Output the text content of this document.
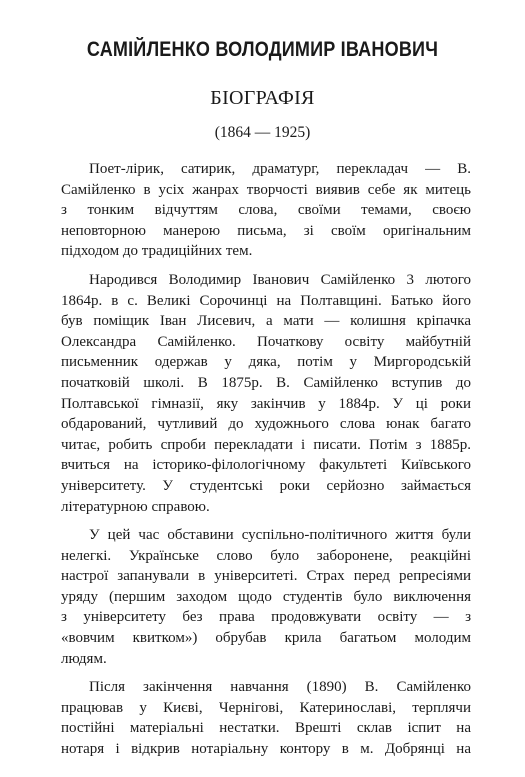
САМІЙЛЕНКО ВОЛОДИМИР ІВАНОВИЧ
БІОГРАФІЯ
(1864 — 1925)
Поет-лірик, сатирик, драматург, перекладач — В.
Самійленко в усіх жанрах творчості виявив себе як митець
з тонким відчуттям слова, своїми темами, своєю
неповторною манерою письма, зі своїм оригінальним
підходом до традиційних тем.
Народився Володимир Іванович Самійленко 3 лютого
1864р. в с. Великі Сорочинці на Полтавщині. Батько його
був поміщик Іван Лисевич, а мати — колишня кріпачка
Олександра Самійленко. Початкову освіту майбутній
письменник одержав у дяка, потім у Миргородській
початковій школі. В 1875р. В. Самійленко вступив до
Полтавської гімназії, яку закінчив у 1884р. У ці роки
обдарований, чутливий до художнього слова юнак багато
читає, робить спроби перекладати і писати. Потім з 1885р.
вчиться на історико-філологічному факультеті Київського
університету. У студентські роки серйозно займається
літературною справою.
У цей час обставини суспільно-політичного життя були
нелегкі. Українське слово було заборонене, реакційні
настрої запанували в університеті. Страх перед репресіями
уряду (першим заходом щодо студентів було виключення
з університету без права продовжувати освіту — з
«вовчим квитком») обрубав крила багатьом молодим
людям.
Після закінчення навчання (1890) В. Самійленко
працював у Києві, Чернігові, Катеринославі, терплячи
постійні матеріальні нестатки. Врешті склав іспит на
нотаря і відкрив нотаріальну контору в м. Добрянці на
